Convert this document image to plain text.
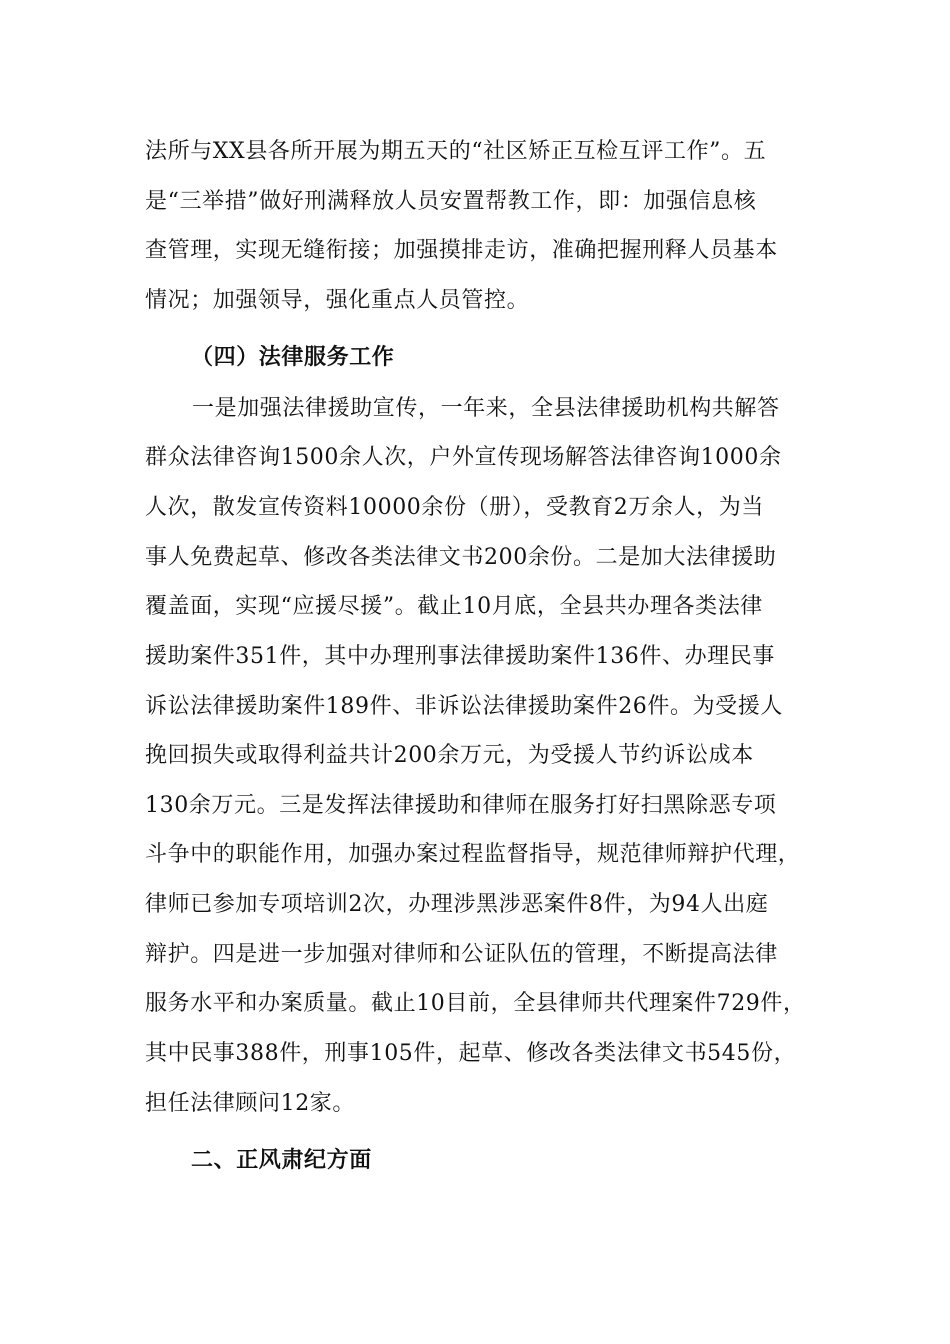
法所与XX县各所开展为期五天的“社区矫正互检互评工作”。五
是“三举措”做好刑满释放人员安置帮教工作，即：加强信息核
查管理，实现无缝衔接；加强摸排走访，准确把握刑释人员基本
情况；加强领导，强化重点人员管控。
（四）法律服务工作
一是加强法律援助宣传，一年来，全县法律援助机构共解答
群众法律咨询1500余人次，户外宣传现场解答法律咨询1000余
人次，散发宣传资料10000余份（册），受教育2万余人，为当
事人免费起草、修改各类法律文书200余份。二是加大法律援助
覆盖面，实现“应援尽援”。截止10月底，全县共办理各类法律
援助案件351件，其中办理刑事法律援助案件136件、办理民事
诉讼法律援助案件189件、非诉讼法律援助案件26件。为受援人
挽回损失或取得利益共计200余万元，为受援人节约诉讼成本
130余万元。三是发挥法律援助和律师在服务打好扫黑除恶专项
斗争中的职能作用，加强办案过程监督指导，规范律师辩护代理，
律师已参加专项培训2次，办理涉黑涉恶案件8件，为94人出庭
辩护。四是进一步加强对律师和公证队伍的管理，不断提高法律
服务水平和办案质量。截止10目前，全县律师共代理案件729件，
其中民事388件，刑事105件，起草、修改各类法律文书545份，
担任法律顾问12家。
二、正风肃纪方面
